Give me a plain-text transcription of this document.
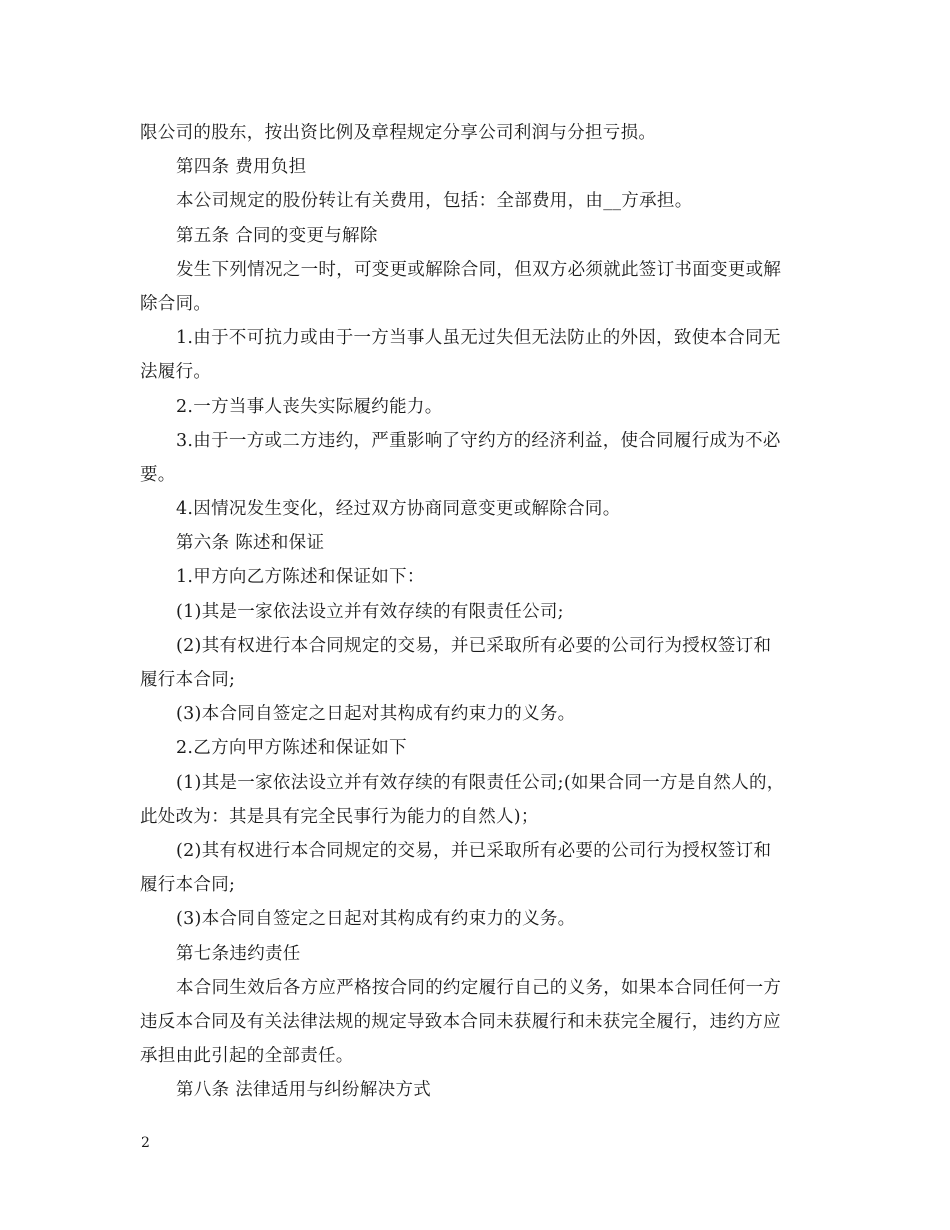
限公司的股东，按出资比例及章程规定分享公司利润与分担亏损。
第四条 费用负担
本公司规定的股份转让有关费用，包括：全部费用，由__方承担。
第五条 合同的变更与解除
发生下列情况之一时，可变更或解除合同，但双方必须就此签订书面变更或解
除合同。
1.由于不可抗力或由于一方当事人虽无过失但无法防止的外因，致使本合同无
法履行。
2.一方当事人丧失实际履约能力。
3.由于一方或二方违约，严重影响了守约方的经济利益，使合同履行成为不必
要。
4.因情况发生变化，经过双方协商同意变更或解除合同。
第六条 陈述和保证
1.甲方向乙方陈述和保证如下：
(1)其是一家依法设立并有效存续的有限责任公司;
(2)其有权进行本合同规定的交易，并已采取所有必要的公司行为授权签订和
履行本合同;
(3)本合同自签定之日起对其构成有约束力的义务。
2.乙方向甲方陈述和保证如下
(1)其是一家依法设立并有效存续的有限责任公司;(如果合同一方是自然人的，
此处改为：其是具有完全民事行为能力的自然人)；
(2)其有权进行本合同规定的交易，并已采取所有必要的公司行为授权签订和
履行本合同;
(3)本合同自签定之日起对其构成有约束力的义务。
第七条违约责任
本合同生效后各方应严格按合同的约定履行自己的义务，如果本合同任何一方
违反本合同及有关法律法规的规定导致本合同未获履行和未获完全履行，违约方应
承担由此引起的全部责任。
第八条 法律适用与纠纷解决方式
2
